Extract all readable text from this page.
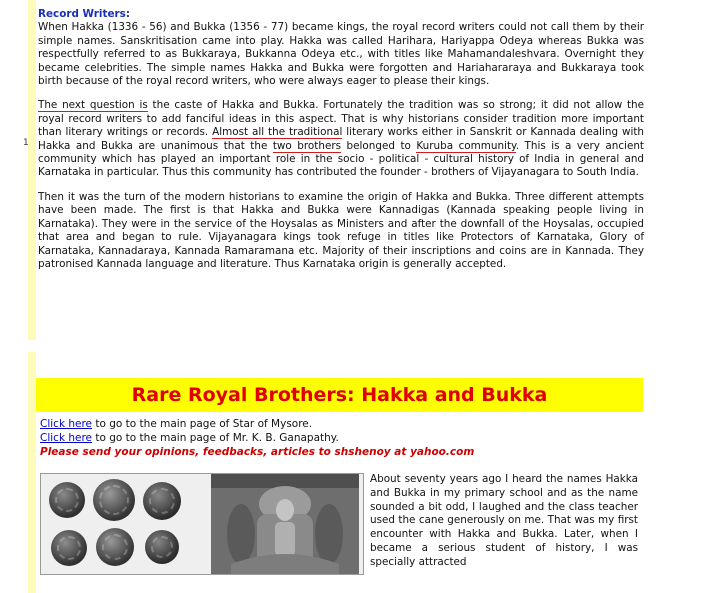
1
Record Writers:

When Hakka (1336 - 56) and Bukka (1356 - 77) became kings, the royal record writers could not call them by their simple names. Sanskritisation came into play. Hakka was called Harihara, Hariyappa Odeya whereas Bukka was respectfully referred to as Bukkaraya, Bukkanna Odeya etc., with titles like Mahamandaleshvara. Overnight they became celebrities. The simple names Hakka and Bukka were forgotten and Hariahararaya and Bukkaraya took birth because of the royal record writers, who were always eager to please their kings.

The next question is the caste of Hakka and Bukka. Fortunately the tradition was so strong; it did not allow the royal record writers to add fanciful ideas in this aspect. That is why historians consider tradition more important than literary writings or records. Almost all the traditional literary works either in Sanskrit or Kannada dealing with Hakka and Bukka are unanimous that the two brothers belonged to Kuruba community. This is a very ancient community which has played an important role in the socio - political - cultural history of India in general and Karnataka in particular. Thus this community has contributed the founder - brothers of Vijayanagara to South India.

Then it was the turn of the modern historians to examine the origin of Hakka and Bukka. Three different attempts have been made. The first is that Hakka and Bukka were Kannadigas (Kannada speaking people living in Karnataka). They were in the service of the Hoysalas as Ministers and after the downfall of the Hoysalas, occupied that area and began to rule. Vijayanagara kings took refuge in titles like Protectors of Karnataka, Glory of Karnataka, Kannadaraya, Kannada Ramaramana etc. Majority of their inscriptions and coins are in Kannada. They patronised Kannada language and literature. Thus Karnataka origin is generally accepted.

Rare Royal Brothers: Hakka and Bukka
Click here to go to the main page of Star of Mysore.
Click here to go to the main page of Mr. K. B. Ganapathy.
Please send your opinions, feedbacks, articles to shshenoy at yahoo.com
About seventy years ago I heard the names Hakka and Bukka in my primary school and as the name sounded a bit odd, I laughed and the class teacher used the cane generously on me. That was my first encounter with Hakka and Bukka. Later, when I became a serious student of history, I was specially attracted
